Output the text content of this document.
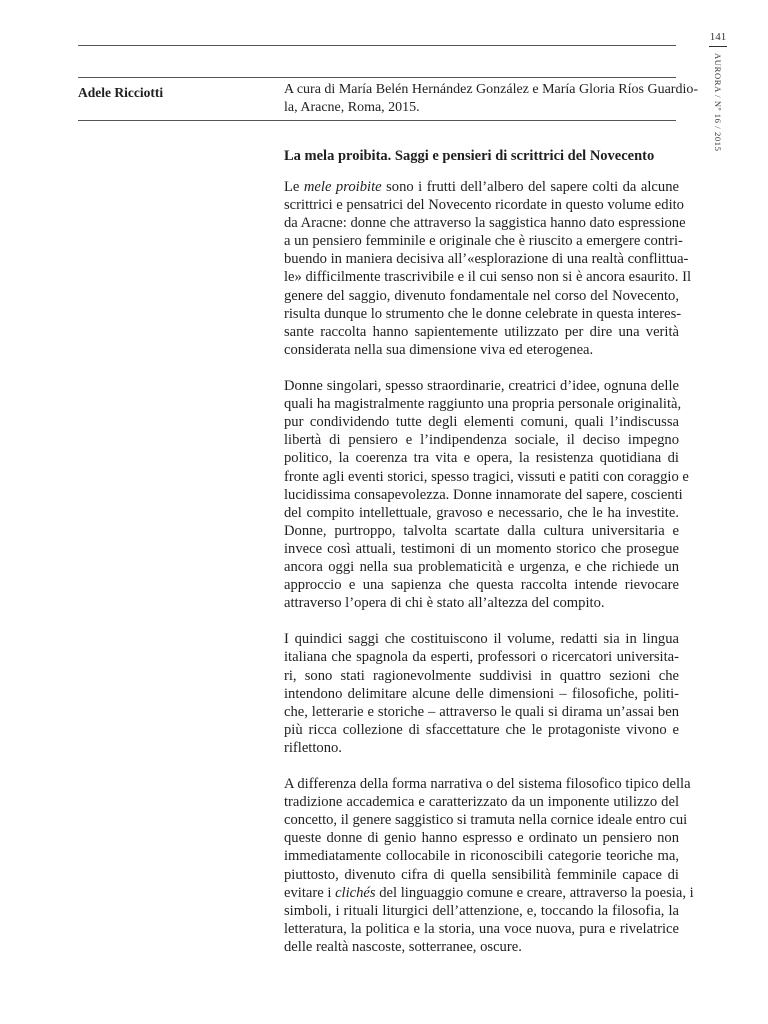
141
AURORA / Nº 16 / 2015
Adele Ricciotti	A cura di María Belén Hernández González e María Gloria Ríos Guardio-
la, Aracne, Roma, 2015.
La mela proibita. Saggi e pensieri di scrittrici del Novecento
Le mele proibite sono i frutti dell’albero del sapere colti da alcune
scrittrici e pensatrici del Novecento ricordate in questo volume edito
da Aracne: donne che attraverso la saggistica hanno dato espressione
a un pensiero femminile e originale che è riuscito a emergere contri-
buendo in maniera decisiva all’«esplorazione di una realtà conflittua-
le» difficilmente trascrivibile e il cui senso non si è ancora esaurito. Il
genere del saggio, divenuto fondamentale nel corso del Novecento,
risulta dunque lo strumento che le donne celebrate in questa interes-
sante raccolta hanno sapientemente utilizzato per dire una verità
considerata nella sua dimensione viva ed eterogenea.
Donne singolari, spesso straordinarie, creatrici d’idee, ognuna delle
quali ha magistralmente raggiunto una propria personale originalità,
pur condividendo tutte degli elementi comuni, quali l’indiscussa
libertà di pensiero e l’indipendenza sociale, il deciso impegno
politico, la coerenza tra vita e opera, la resistenza quotidiana di
fronte agli eventi storici, spesso tragici, vissuti e patiti con coraggio e
lucidissima consapevolezza. Donne innamorate del sapere, coscienti
del compito intellettuale, gravoso e necessario, che le ha investite.
Donne, purtroppo, talvolta scartate dalla cultura universitaria e
invece così attuali, testimoni di un momento storico che prosegue
ancora oggi nella sua problematicità e urgenza, e che richiede un
approccio e una sapienza che questa raccolta intende rievocare
attraverso l’opera di chi è stato all’altezza del compito.
I quindici saggi che costituiscono il volume, redatti sia in lingua
italiana che spagnola da esperti, professori o ricercatori universita-
ri, sono stati ragionevolmente suddivisi in quattro sezioni che
intendono delimitare alcune delle dimensioni – filosofiche, politi-
che, letterarie e storiche – attraverso le quali si dirama un’assai ben
più ricca collezione di sfaccettature che le protagoniste vivono e
riflettono.
A differenza della forma narrativa o del sistema filosofico tipico della
tradizione accademica e caratterizzato da un imponente utilizzo del
concetto, il genere saggistico si tramuta nella cornice ideale entro cui
queste donne di genio hanno espresso e ordinato un pensiero non
immediatamente collocabile in riconoscibili categorie teoriche ma,
piuttosto, divenuto cifra di quella sensibilità femminile capace di
evitare i clichés del linguaggio comune e creare, attraverso la poesia, i
simboli, i rituali liturgici dell’attenzione, e, toccando la filosofia, la
letteratura, la politica e la storia, una voce nuova, pura e rivelatrice
delle realtà nascoste, sotterranee, oscure.
